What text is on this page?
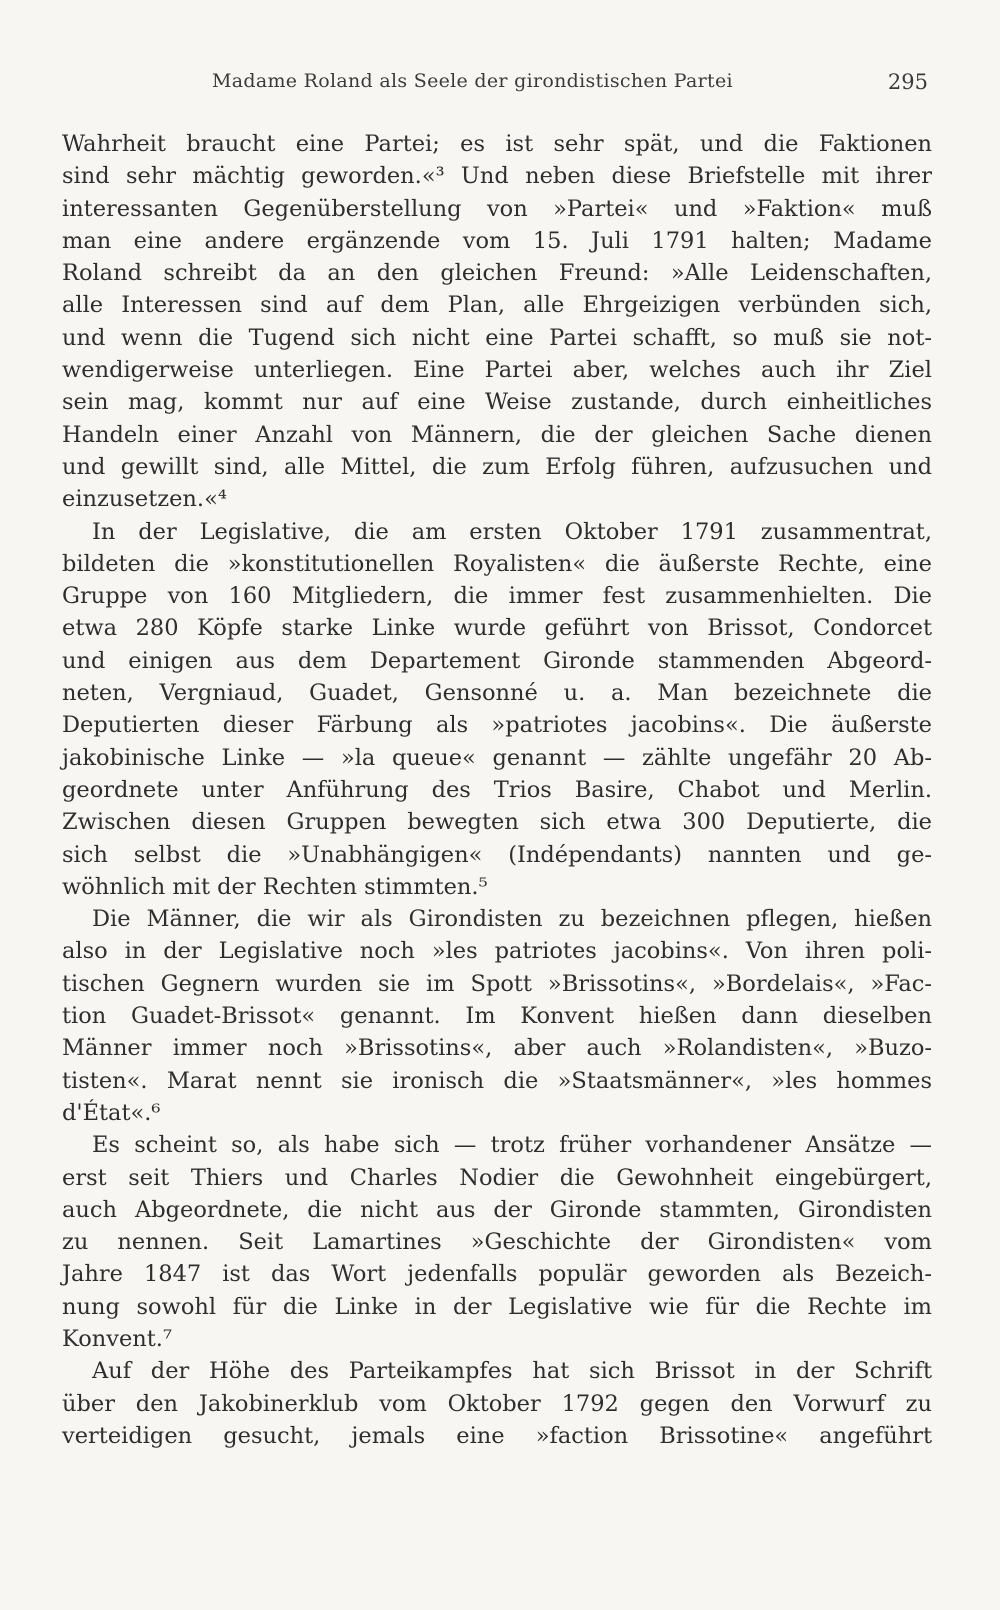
Madame Roland als Seele der girondistischen Partei	295
Wahrheit braucht eine Partei; es ist sehr spät, und die Faktionen
sind sehr mächtig geworden.«³ Und neben diese Briefstelle mit ihrer
interessanten Gegenüberstellung von »Partei« und »Faktion« muß
man eine andere ergänzende vom 15. Juli 1791 halten; Madame
Roland schreibt da an den gleichen Freund: »Alle Leidenschaften,
alle Interessen sind auf dem Plan, alle Ehrgeizigen verbünden sich,
und wenn die Tugend sich nicht eine Partei schafft, so muß sie not-
wendigerweise unterliegen. Eine Partei aber, welches auch ihr Ziel
sein mag, kommt nur auf eine Weise zustande, durch einheitliches
Handeln einer Anzahl von Männern, die der gleichen Sache dienen
und gewillt sind, alle Mittel, die zum Erfolg führen, aufzusuchen und
einzusetzen.«⁴
In der Legislative, die am ersten Oktober 1791 zusammentrat,
bildeten die »konstitutionellen Royalisten« die äußerste Rechte, eine
Gruppe von 160 Mitgliedern, die immer fest zusammenhielten. Die
etwa 280 Köpfe starke Linke wurde geführt von Brissot, Condorcet
und einigen aus dem Departement Gironde stammenden Abgeord-
neten, Vergniaud, Guadet, Gensonné u. a. Man bezeichnete die
Deputierten dieser Färbung als »patriotes jacobins«. Die äußerste
jakobinische Linke — »la queue« genannt — zählte ungefähr 20 Ab-
geordnete unter Anführung des Trios Basire, Chabot und Merlin.
Zwischen diesen Gruppen bewegten sich etwa 300 Deputierte, die
sich selbst die »Unabhängigen« (Indépendants) nannten und ge-
wöhnlich mit der Rechten stimmten.⁵
Die Männer, die wir als Girondisten zu bezeichnen pflegen, hießen
also in der Legislative noch »les patriotes jacobins«. Von ihren poli-
tischen Gegnern wurden sie im Spott »Brissotins«, »Bordelais«, »Fac-
tion Guadet-Brissot« genannt. Im Konvent hießen dann dieselben
Männer immer noch »Brissotins«, aber auch »Rolandisten«, »Buzo-
tisten«. Marat nennt sie ironisch die »Staatsmänner«, »les hommes
d'État«.⁶
Es scheint so, als habe sich — trotz früher vorhandener Ansätze —
erst seit Thiers und Charles Nodier die Gewohnheit eingebürgert,
auch Abgeordnete, die nicht aus der Gironde stammten, Girondisten
zu nennen. Seit Lamartines »Geschichte der Girondisten« vom
Jahre 1847 ist das Wort jedenfalls populär geworden als Bezeich-
nung sowohl für die Linke in der Legislative wie für die Rechte im
Konvent.⁷
Auf der Höhe des Parteikampfes hat sich Brissot in der Schrift
über den Jakobinerklub vom Oktober 1792 gegen den Vorwurf zu
verteidigen gesucht, jemals eine »faction Brissotine« angeführt
